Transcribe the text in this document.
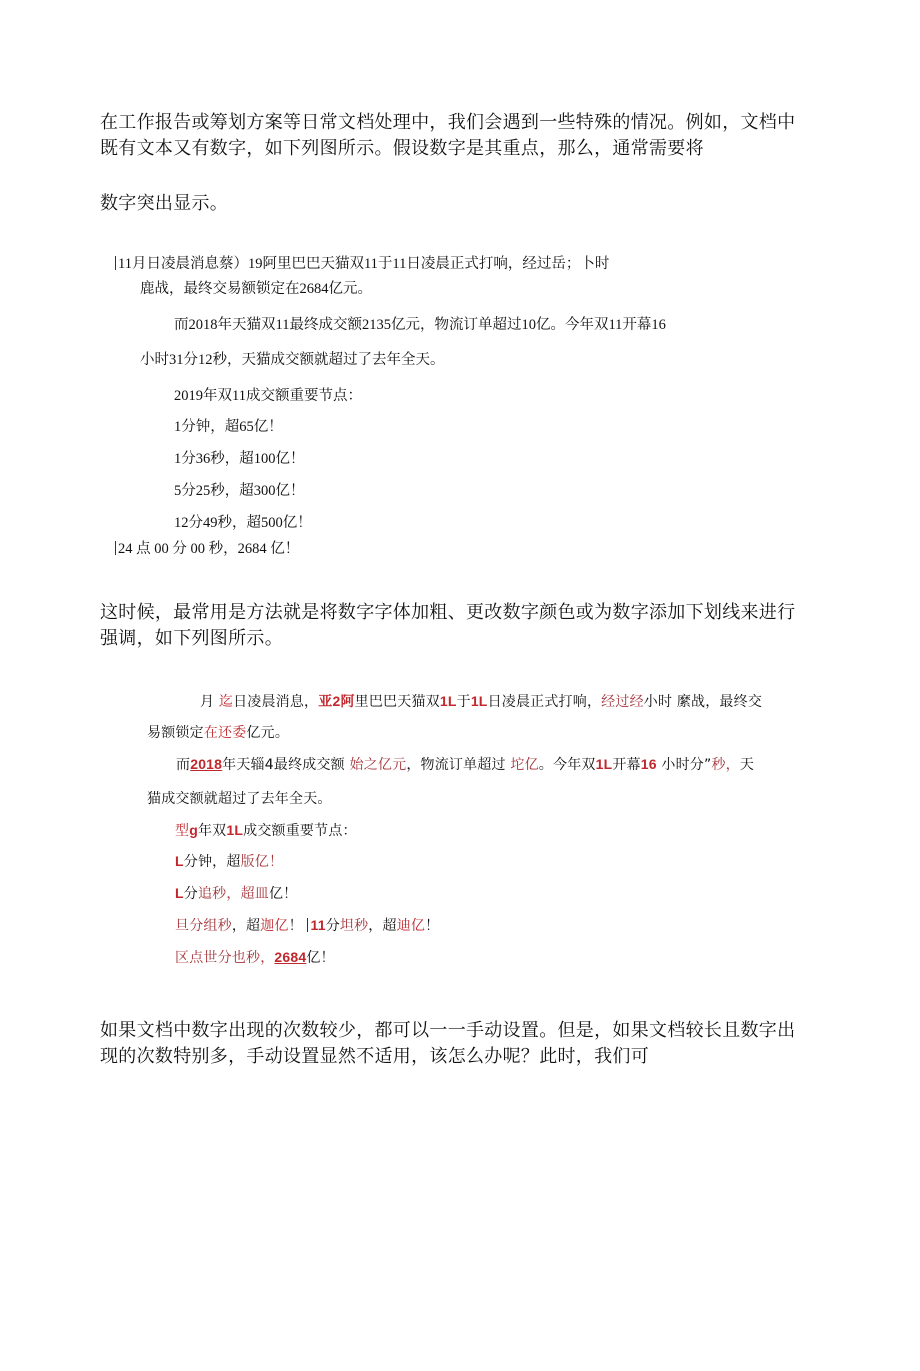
在工作报告或筹划方案等日常文档处理中，我们会遇到一些特殊的情况。例如，文档中
既有文本又有数字，如下列图所示。假设数字是其重点，那么，通常需要将
数字突出显示。
11月日凌晨消息蔡）19阿里巴巴天猫双11于11日凌晨正式打响，经过岳；卜时
鹿战，最终交易额锁定在2684亿元。
而2018年天猫双11最终成交额2135亿元，物流订单超过10亿。今年双11开幕16
小时31分12秒，天猫成交额就超过了去年全天。
2019年双11成交额重要节点：
1分钟，超65亿！
1分36秒，超100亿！
5分25秒，超300亿！
12分49秒，超500亿！
24 点 00 分 00 秒，2684 亿！
这时候，最常用是方法就是将数字字体加粗、更改数字颜色或为数字添加下划线来进行
强调，如下列图所示。
月 迄日凌晨消息，亚2阿里巴巴天猫双1L于1L日凌晨正式打响，经过经小时 縻战，最终交
易额锁定在还委亿元。
而2018年天辎4最终成交额 始之亿元，物流订单超过 坨亿。今年双1L开幕16 小时分”秒，天
猫成交额就超过了去年全天。
型g年双1L成交额重要节点：
L分钟，超版亿！
L分追秒，超皿亿！
旦分组秒，超迦亿！ 11分坦秒，超迪亿！
区点世分也秒，2684亿！
如果文档中数字出现的次数较少，都可以一一手动设置。但是，如果文档较长且数字出
现的次数特别多，手动设置显然不适用，该怎么办呢？此时，我们可
